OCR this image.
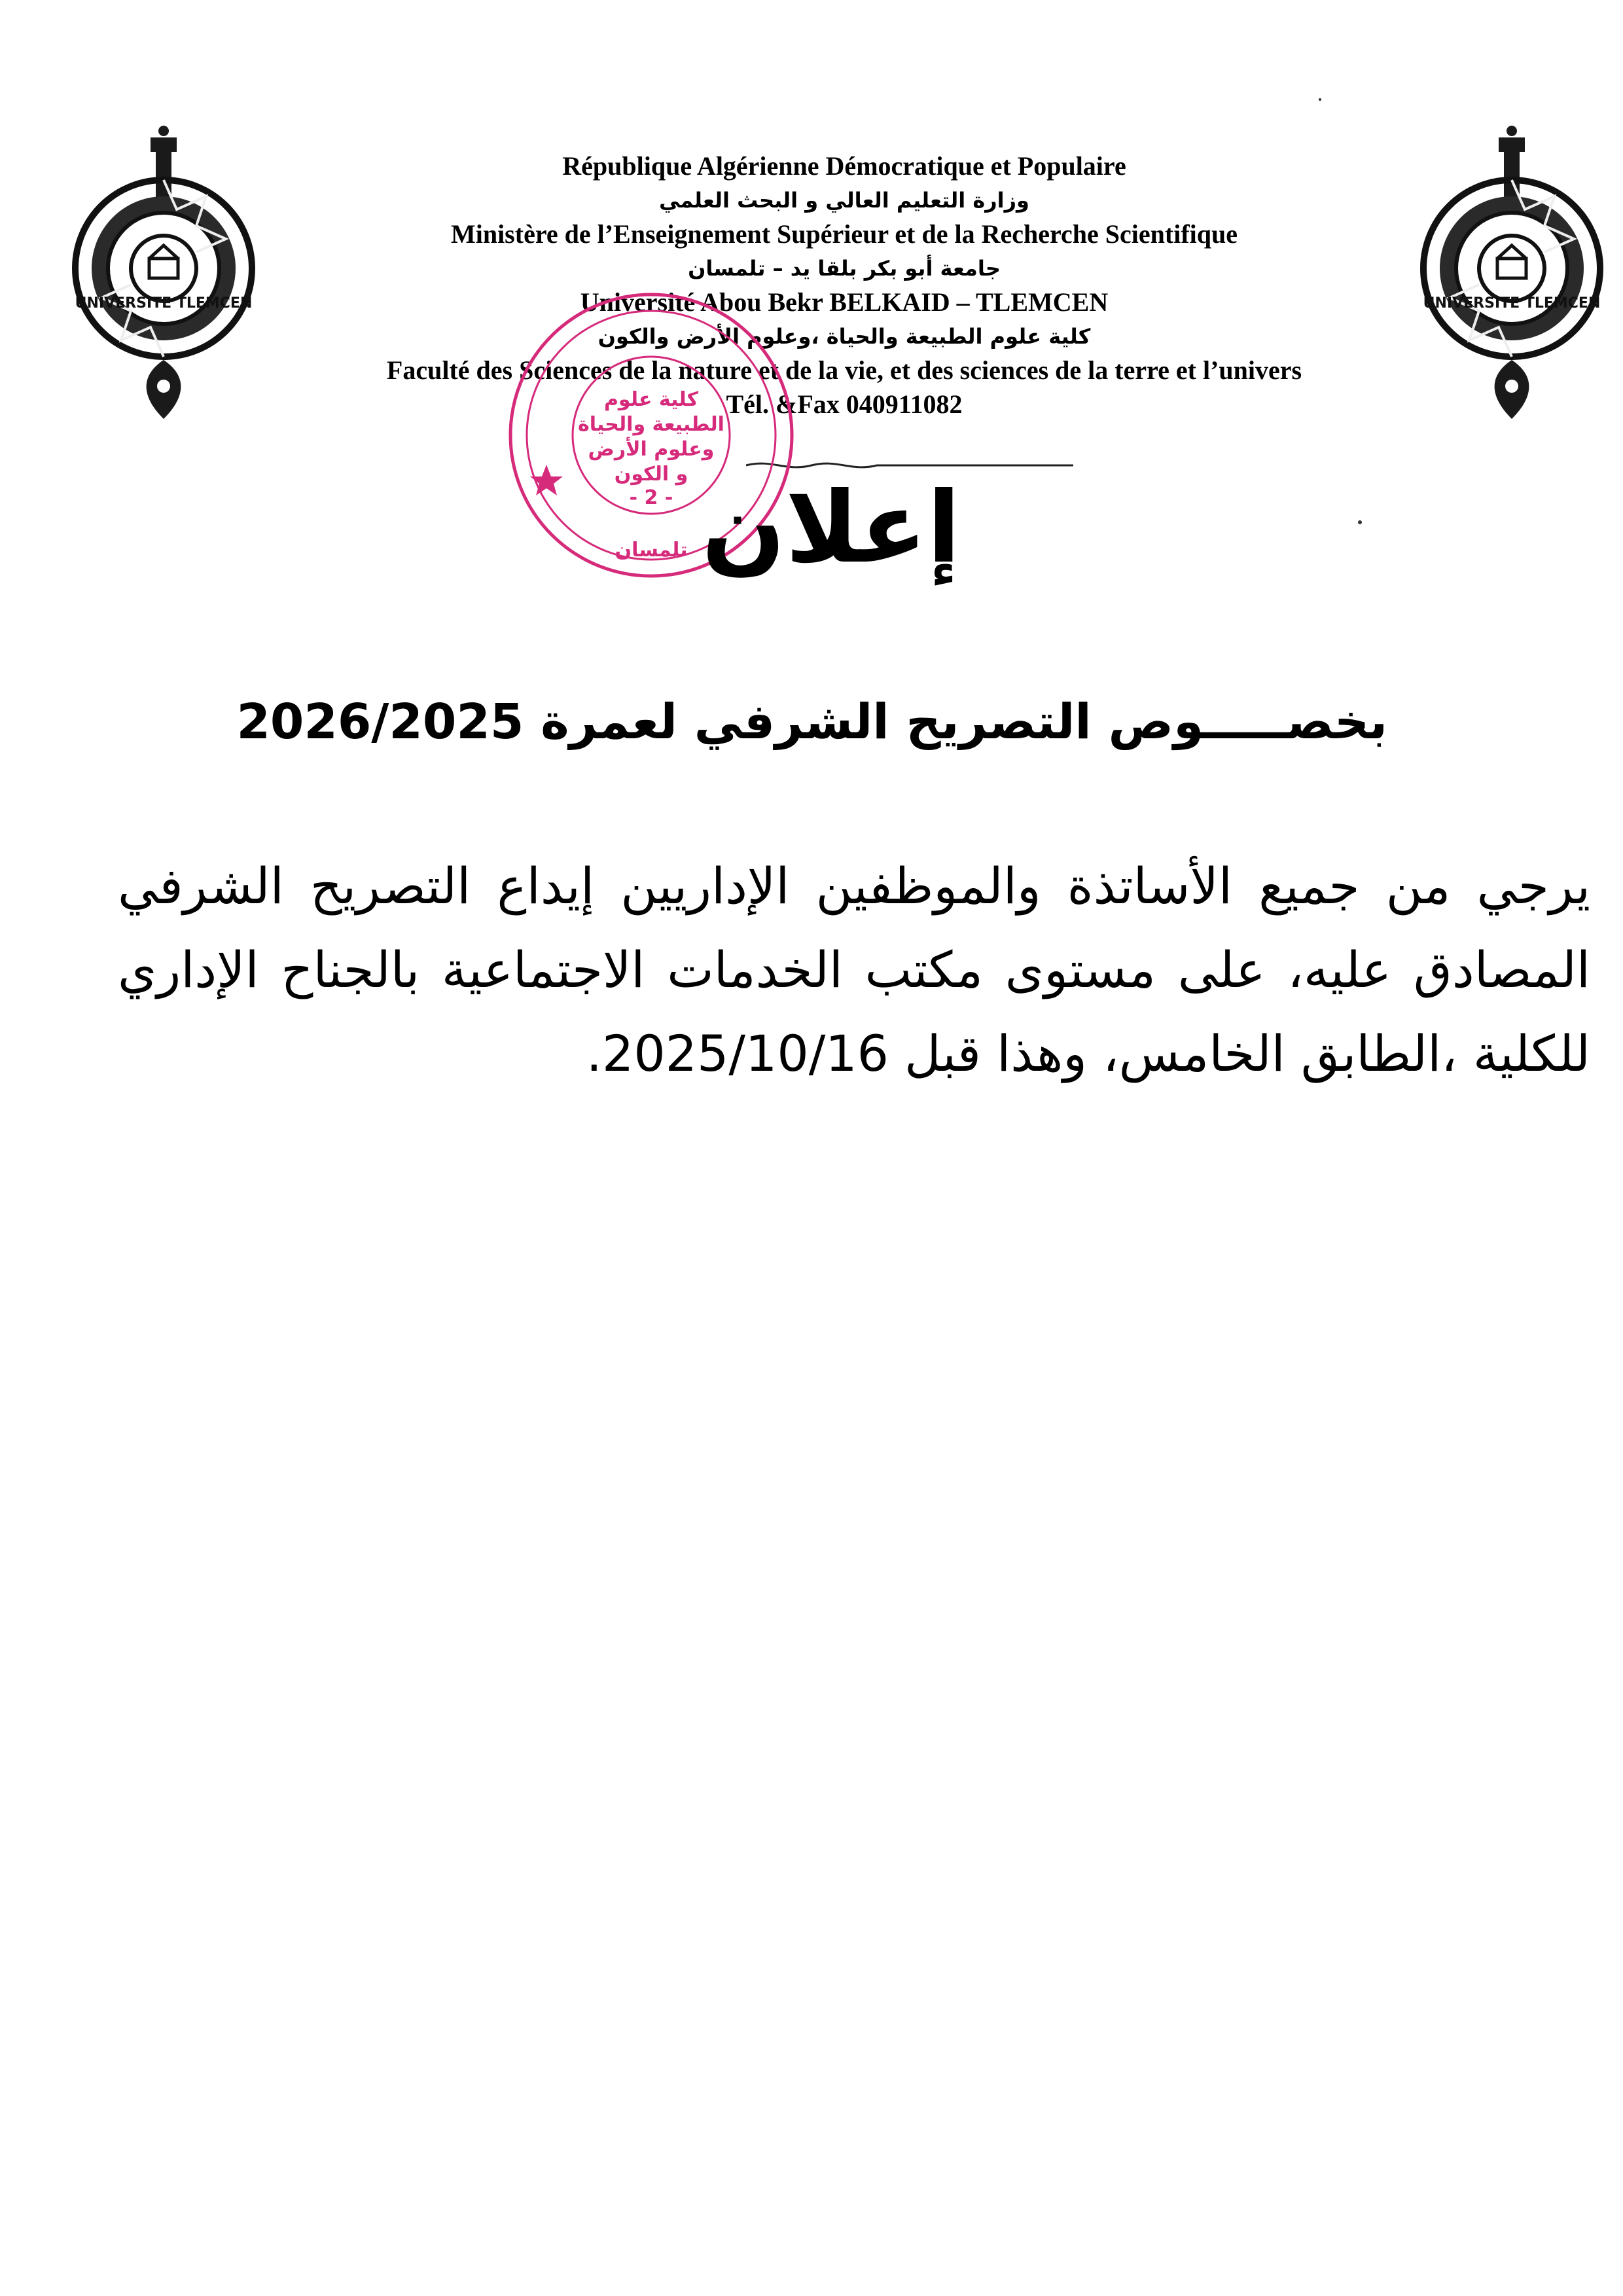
UNIVERSITE TLEMCEN	UNIVERSITE TLEMCEN
République Algérienne Démocratique et Populaire
وزارة التعليم العالي و البحث العلمي
Ministère de l’Enseignement Supérieur et de la Recherche Scientifique
جامعة أبو بكر بلقا يد – تلمسان
Université Abou Bekr BELKAID – TLEMCEN
كلية علوم الطبيعة والحياة ،وعلوم الأرض والكون
Faculté des Sciences de la nature et de la vie, et des sciences de la terre et l’univers
Tél. &Fax 040911082
كلية علوم
الطبيعة والحياة
وعلوم الأرض
و الكون
- 2 -
تلمسان إعلان
بخصـــــوص التصريح الشرفي لعمرة 2026/2025
يرجي من جميع الأساتذة والموظفين الإداريين إيداع التصريح الشرفي المصادق عليه، على مستوى مكتب الخدمات الاجتماعية بالجناح الإداري للكلية ،الطابق الخامس، وهذا قبل 2025/10/16.
